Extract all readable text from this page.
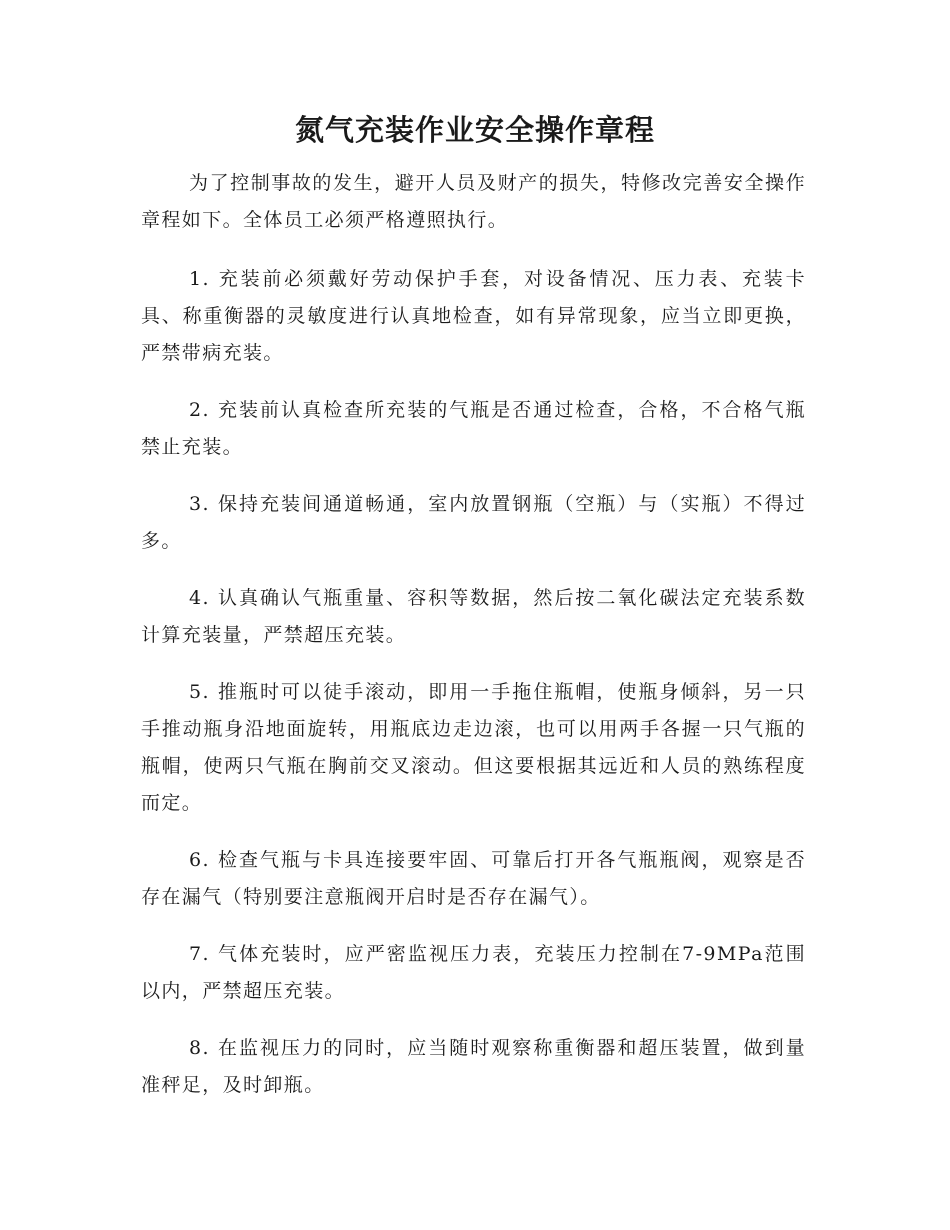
氮气充装作业安全操作章程

为了控制事故的发生，避开人员及财产的损失，特修改完善安全操作章程如下。全体员工必须严格遵照执行。

1. 充装前必须戴好劳动保护手套，对设备情况、压力表、充装卡具、称重衡器的灵敏度进行认真地检查，如有异常现象，应当立即更换，严禁带病充装。

2. 充装前认真检查所充装的气瓶是否通过检查，合格，不合格气瓶禁止充装。

3. 保持充装间通道畅通，室内放置钢瓶（空瓶）与（实瓶）不得过多。

4. 认真确认气瓶重量、容积等数据，然后按二氧化碳法定充装系数计算充装量，严禁超压充装。

5. 推瓶时可以徒手滚动，即用一手拖住瓶帽，使瓶身倾斜，另一只手推动瓶身沿地面旋转，用瓶底边走边滚，也可以用两手各握一只气瓶的瓶帽，使两只气瓶在胸前交叉滚动。但这要根据其远近和人员的熟练程度而定。

6. 检查气瓶与卡具连接要牢固、可靠后打开各气瓶瓶阀，观察是否存在漏气（特别要注意瓶阀开启时是否存在漏气）。

7. 气体充装时，应严密监视压力表，充装压力控制在7-9MPa范围以内，严禁超压充装。

8. 在监视压力的同时，应当随时观察称重衡器和超压装置，做到量准秤足，及时卸瓶。
